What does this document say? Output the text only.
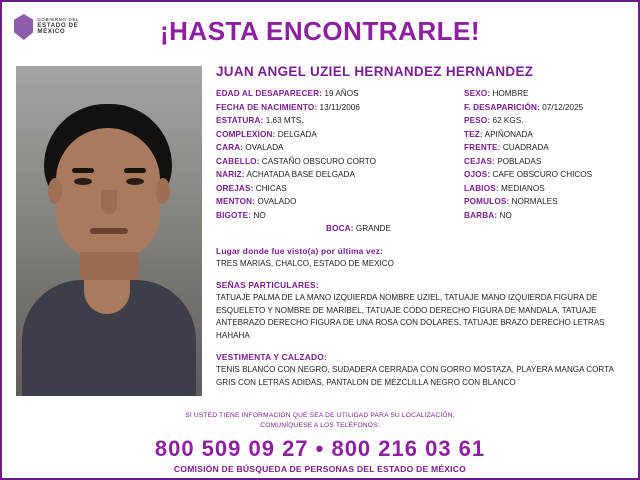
GOBIERNO DEL
ESTADO DE MÉXICO	¡HASTA ENCONTRARLE!
JUAN ANGEL UZIEL HERNANDEZ HERNANDEZ
EDAD AL DESAPARECER: 19 AÑOS
FECHA DE NACIMIENTO: 13/11/2006
ESTATURA: 1.63 MTS.
COMPLEXION: DELGADA
CARA: OVALADA
CABELLO: CASTAÑO OBSCURO CORTO
NARIZ: ACHATADA BASE DELGADA
OREJAS: CHICAS
MENTON: OVALADO
BIGOTE: NO
SEXO: HOMBRE
F. DESAPARICIÓN: 07/12/2025
PESO: 62 KGS.
TEZ: APIÑONADA
FRENTE: CUADRADA
CEJAS: POBLADAS
OJOS: CAFE OBSCURO CHICOS
LABIOS: MEDIANOS
POMULOS: NORMALES
BARBA: NO
BOCA: GRANDE
Lugar donde fue visto(a) por última vez:
TRES MARIAS, CHALCO, ESTADO DE MEXICO
SEÑAS PARTICULARES:
TATUAJE PALMA DE LA MANO IZQUIERDA NOMBRE UZIEL, TATUAJE MANO IZQUIERDA FIGURA DE ESQUELETO Y NOMBRE DE MARIBEL, TATUAJE CODO DERECHO FIGURA DE MANDALA, TATUAJE ANTEBRAZO DERECHO FIGURA DE UNA ROSA CON DOLARES, TATUAJE BRAZO DERECHO LETRAS HAHAHA
VESTIMENTA Y CALZADO:
TENIS BLANCO CON NEGRO, SUDADERA CERRADA CON GORRO MOSTAZA, PLAYERA MANGA CORTA GRIS CON LETRAS ADIDAS, PANTALON DE MEZCLILLA NEGRO CON BLANCO
SI USTED TIENE INFORMACIÓN QUE SEA DE UTILIDAD PARA SU LOCALIZACIÓN,
COMUNÍQUESE A LOS TELÉFONOS:
800 509 09 27 • 800 216 03 61
COMISIÓN DE BÚSQUEDA DE PERSONAS DEL ESTADO DE MÉXICO
